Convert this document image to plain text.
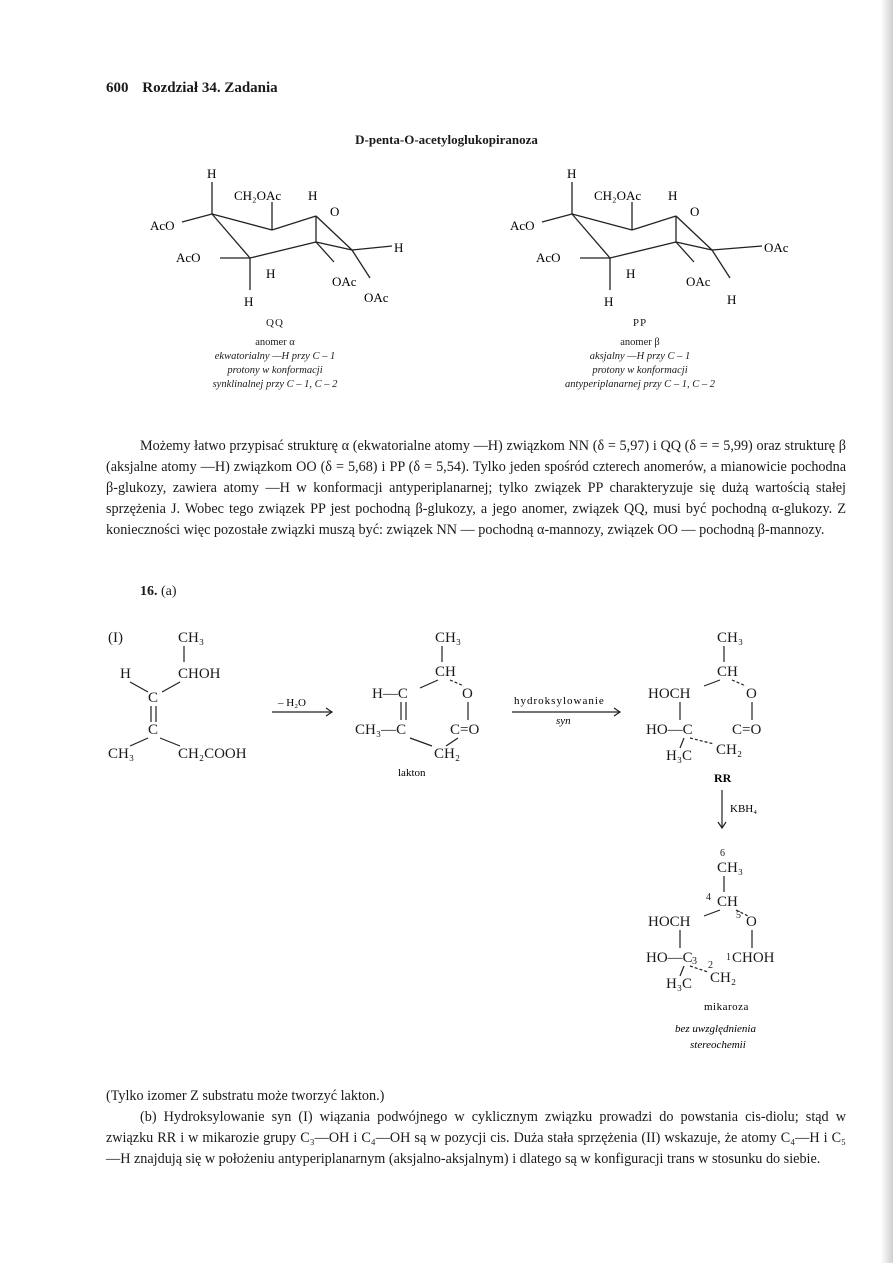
600 Rozdział 34. Zadania
D-penta-O-acetyloglukopiranoza
H
CH₂OAc H
O
AcO
AcO
H
H
OAc
H	OAc
QQ
anomer α
ekwatorialny —H przy C – 1
protony w konformacji
synklinalnej przy C – 1, C – 2
H
CH₂OAc H
O
AcO
AcO
OAc
H
OAc
H	H
PP
anomer β
aksjalny —H przy C – 1
protony w konformacji
antyperiplanarnej przy C – 1, C – 2
Możemy łatwo przypisać strukturę α (ekwatorialne atomy —H) związkom NN (δ = 5,97) i QQ (δ = = 5,99) oraz strukturę β (aksjalne atomy —H) związkom OO (δ = 5,68) i PP (δ = 5,54). Tylko jeden spośród czterech anomerów, a mianowicie pochodna β-glukozy, zawiera atomy —H w konformacji antyperiplanarnej; tylko związek PP charakteryzuje się dużą wartością stałej sprzężenia J. Wobec tego związek PP jest pochodną β-glukozy, a jego anomer, związek QQ, musi być pochodną α-glukozy. Z konieczności więc pozostałe związki muszą być: związek NN — pochodną α-mannozy, związek OO — pochodną β-mannozy.
16. (a)
(I)	CH₃
H	CHOH
C
C
CH₃	CH₂COOH
– H₂O
CH₃
CH
H—C	O
CH₃—C	C=O
CH₂
lakton
hydroksylowanie
syn
CH₃
CH
HOCH	O
HO—C	C=O
H₃C CH₂
RR
KBH₄
6
CH₃
4 CH
5
HOCH	O
HO—C 3 2
1 CHOH
H₃C CH₂
mikaroza
bez uwzględnienia
stereochemii
(Tylko izomer Z substratu może tworzyć lakton.)
(b) Hydroksylowanie syn (I) wiązania podwójnego w cyklicznym związku prowadzi do powstania cis-diolu; stąd w związku RR i w mikarozie grupy C₃—OH i C₄—OH są w pozycji cis. Duża stała sprzężenia (II) wskazuje, że atomy C₄—H i C₅—H znajdują się w położeniu antyperiplanarnym (aksjalno-aksjalnym) i dlatego są w konfiguracji trans w stosunku do siebie.
